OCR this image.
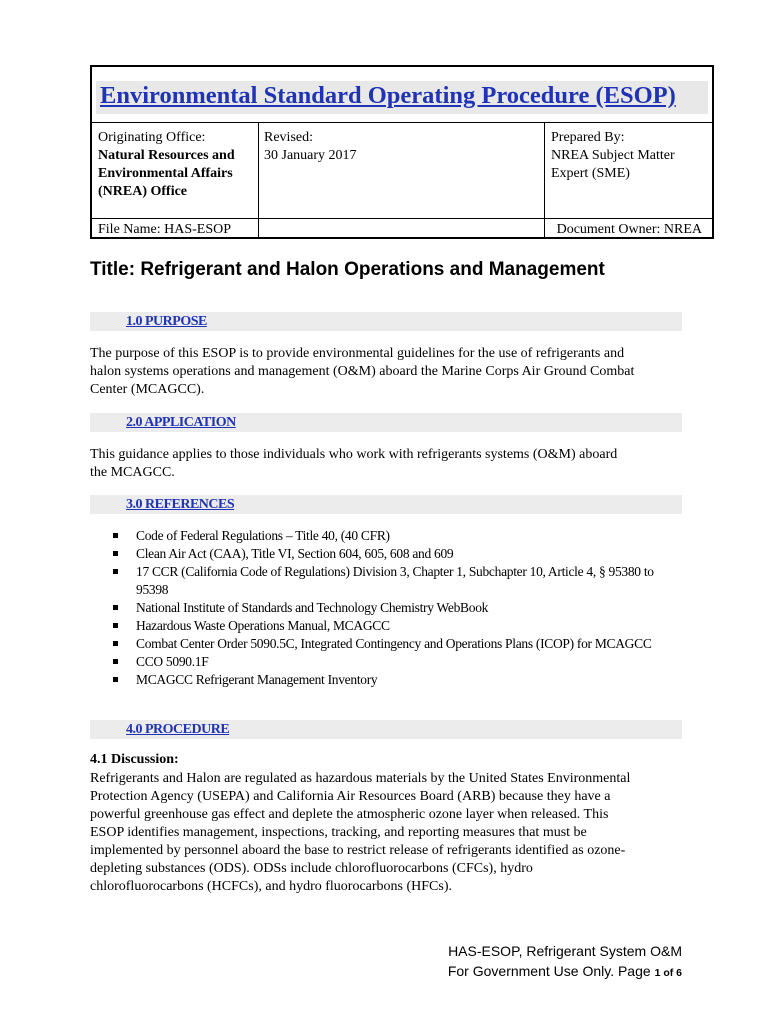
Environmental Standard Operating Procedure (ESOP)
Originating Office:
Natural Resources and
Environmental Affairs
(NREA) Office
Revised:
30 January 2017
Prepared By:
NREA Subject Matter
Expert (SME)
File Name: HAS-ESOP	Document Owner: NREA
Title: Refrigerant and Halon Operations and Management
1.0 PURPOSE
The purpose of this ESOP is to provide environmental guidelines for the use of refrigerants and
halon systems operations and management (O&M) aboard the Marine Corps Air Ground Combat
Center (MCAGCC).
2.0 APPLICATION
This guidance applies to those individuals who work with refrigerants systems (O&M) aboard
the MCAGCC.
3.0 REFERENCES
Code of Federal Regulations – Title 40, (40 CFR)
Clean Air Act (CAA), Title VI, Section 604, 605, 608 and 609
17 CCR (California Code of Regulations) Division 3, Chapter 1, Subchapter 10, Article 4, § 95380 to 95398
National Institute of Standards and Technology Chemistry WebBook
Hazardous Waste Operations Manual, MCAGCC
Combat Center Order 5090.5C, Integrated Contingency and Operations Plans (ICOP) for MCAGCC
CCO 5090.1F
MCAGCC Refrigerant Management Inventory
4.0 PROCEDURE
4.1 Discussion:
Refrigerants and Halon are regulated as hazardous materials by the United States Environmental
Protection Agency (USEPA) and California Air Resources Board (ARB) because they have a
powerful greenhouse gas effect and deplete the atmospheric ozone layer when released. This
ESOP identifies management, inspections, tracking, and reporting measures that must be
implemented by personnel aboard the base to restrict release of refrigerants identified as ozone-
depleting substances (ODS). ODSs include chlorofluorocarbons (CFCs), hydro
chlorofluorocarbons (HCFCs), and hydro fluorocarbons (HFCs).
HAS-ESOP, Refrigerant System O&M
For Government Use Only. Page 1 of 6
